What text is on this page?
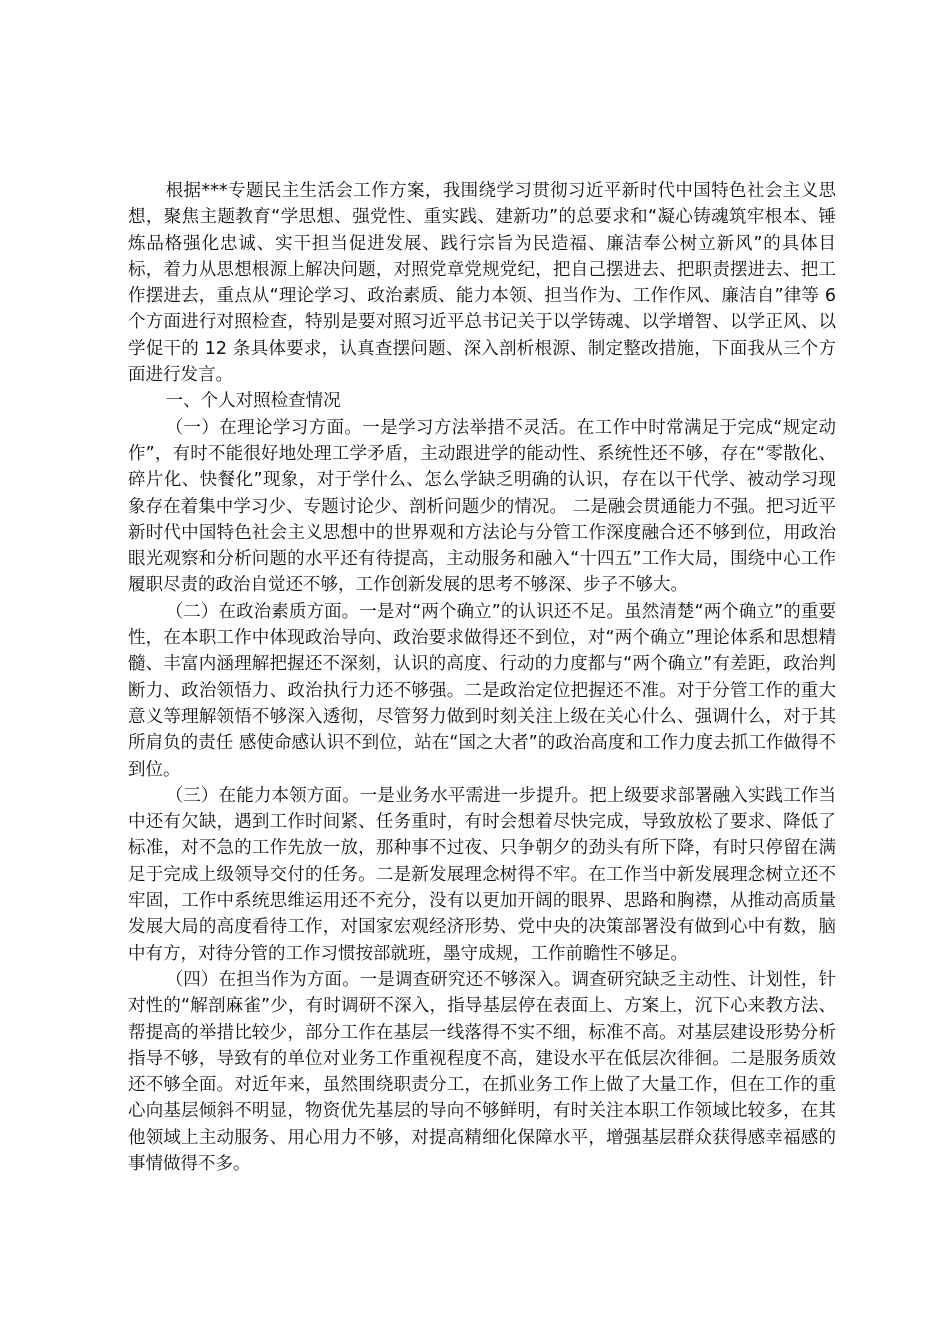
根据***专题民主生活会工作方案，我围绕学习贯彻习近平新时代中国特色社会主义思想，聚焦主题教育“学思想、强党性、重实践、建新功”的总要求和“凝心铸魂筑牢根本、锤炼品格强化忠诚、实干担当促进发展、践行宗旨为民造福、廉洁奉公树立新风”的具体目标，着力从思想根源上解决问题，对照党章党规党纪，把自己摆进去、把职责摆进去、把工作摆进去，重点从“理论学习、政治素质、能力本领、担当作为、工作作风、廉洁自”律等 6 个方面进行对照检查，特别是要对照习近平总书记关于以学铸魂、以学增智、以学正风、以学促干的 12 条具体要求，认真查摆问题、深入剖析根源、制定整改措施，下面我从三个方面进行发言。

一、个人对照检查情况

（一）在理论学习方面。一是学习方法举措不灵活。在工作中时常满足于完成“规定动作”，有时不能很好地处理工学矛盾，主动跟进学的能动性、系统性还不够，存在“零散化、碎片化、快餐化”现象，对于学什么、怎么学缺乏明确的认识，存在以干代学、被动学习现象存在着集中学习少、专题讨论少、剖析问题少的情况。 二是融会贯通能力不强。把习近平新时代中国特色社会主义思想中的世界观和方法论与分管工作深度融合还不够到位，用政治眼光观察和分析问题的水平还有待提高，主动服务和融入“十四五”工作大局，围绕中心工作履职尽责的政治自觉还不够，工作创新发展的思考不够深、步子不够大。

（二）在政治素质方面。一是对“两个确立”的认识还不足。虽然清楚“两个确立”的重要性，在本职工作中体现政治导向、政治要求做得还不到位，对“两个确立”理论体系和思想精髓、丰富内涵理解把握还不深刻，认识的高度、行动的力度都与“两个确立”有差距，政治判断力、政治领悟力、政治执行力还不够强。二是政治定位把握还不准。对于分管工作的重大意义等理解领悟不够深入透彻，尽管努力做到时刻关注上级在关心什么、强调什么，对于其所肩负的责任 感使命感认识不到位，站在“国之大者”的政治高度和工作力度去抓工作做得不到位。

（三）在能力本领方面。一是业务水平需进一步提升。把上级要求部署融入实践工作当中还有欠缺，遇到工作时间紧、任务重时，有时会想着尽快完成，导致放松了要求、降低了标准，对不急的工作先放一放，那种事不过夜、只争朝夕的劲头有所下降，有时只停留在满足于完成上级领导交付的任务。二是新发展理念树得不牢。在工作当中新发展理念树立还不牢固，工作中系统思维运用还不充分，没有以更加开阔的眼界、思路和胸襟，从推动高质量发展大局的高度看待工作，对国家宏观经济形势、党中央的决策部署没有做到心中有数，脑中有方，对待分管的工作习惯按部就班，墨守成规，工作前瞻性不够足。

（四）在担当作为方面。一是调查研究还不够深入。调查研究缺乏主动性、计划性，针对性的“解剖麻雀”少，有时调研不深入，指导基层停在表面上、方案上，沉下心来教方法、帮提高的举措比较少，部分工作在基层一线落得不实不细，标准不高。对基层建设形势分析指导不够，导致有的单位对业务工作重视程度不高，建设水平在低层次徘徊。二是服务质效还不够全面。对近年来，虽然围绕职责分工，在抓业务工作上做了大量工作，但在工作的重心向基层倾斜不明显，物资优先基层的导向不够鲜明，有时关注本职工作领域比较多，在其他领域上主动服务、用心用力不够，对提高精细化保障水平，增强基层群众获得感幸福感的事情做得不多。
